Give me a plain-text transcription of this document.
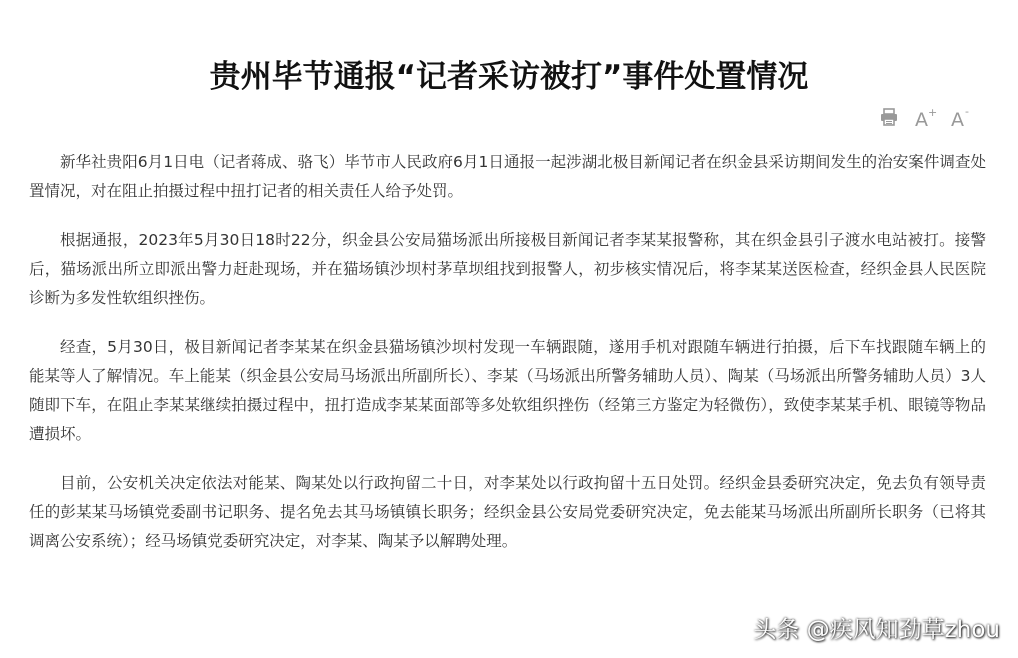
贵州毕节通报“记者采访被打”事件处置情况
A + A -

新华社贵阳6月1日电（记者蒋成、骆飞）毕节市人民政府6月1日通报一起涉湖北极目新闻记者在织金县采访期间发生的治安案件调查处置情况，对在阻止拍摄过程中扭打记者的相关责任人给予处罚。

根据通报，2023年5月30日18时22分，织金县公安局猫场派出所接极目新闻记者李某某报警称，其在织金县引子渡水电站被打。接警后，猫场派出所立即派出警力赶赴现场，并在猫场镇沙坝村茅草坝组找到报警人，初步核实情况后，将李某某送医检查，经织金县人民医院诊断为多发性软组织挫伤。

经查，5月30日，极目新闻记者李某某在织金县猫场镇沙坝村发现一车辆跟随，遂用手机对跟随车辆进行拍摄，后下车找跟随车辆上的能某等人了解情况。车上能某（织金县公安局马场派出所副所长）、李某（马场派出所警务辅助人员）、陶某（马场派出所警务辅助人员）3人随即下车，在阻止李某某继续拍摄过程中，扭打造成李某某面部等多处软组织挫伤（经第三方鉴定为轻微伤），致使李某某手机、眼镜等物品遭损坏。

目前，公安机关决定依法对能某、陶某处以行政拘留二十日，对李某处以行政拘留十五日处罚。经织金县委研究决定，免去负有领导责任的彭某某马场镇党委副书记职务、提名免去其马场镇镇长职务；经织金县公安局党委研究决定，免去能某马场派出所副所长职务（已将其调离公安系统）；经马场镇党委研究决定，对李某、陶某予以解聘处理。

头条 @疾风知劲草zhou
